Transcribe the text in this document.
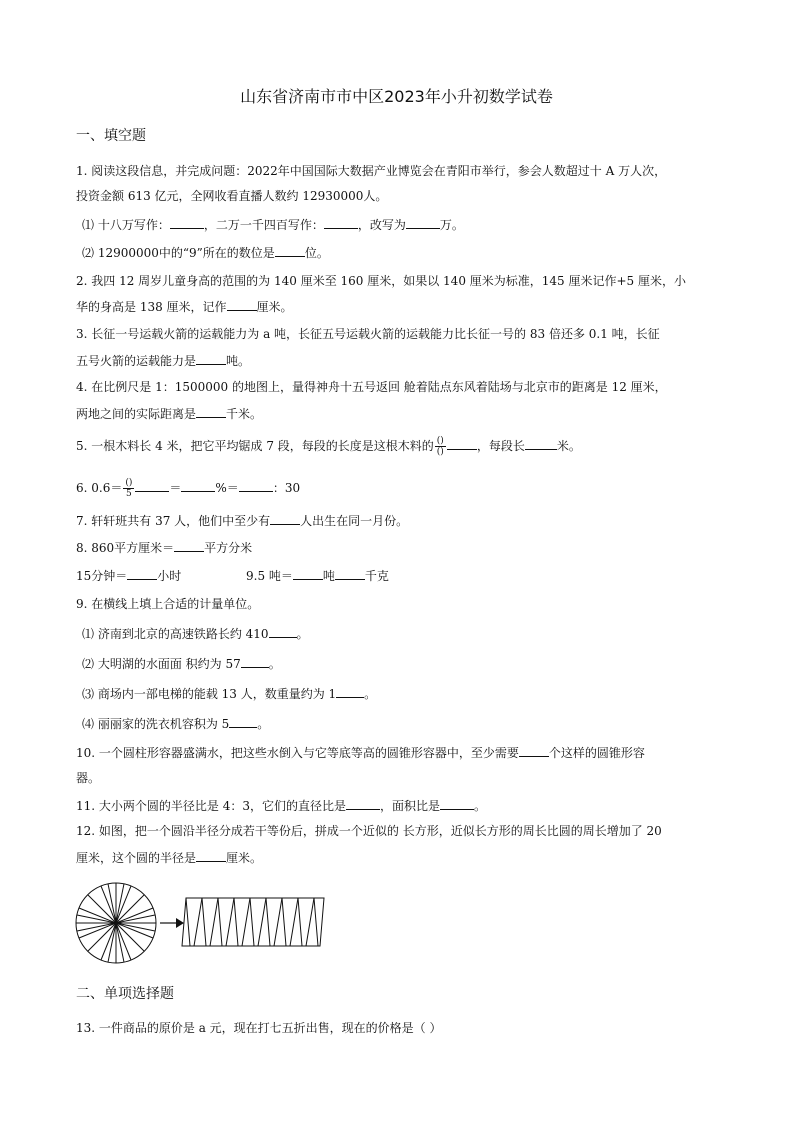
山东省济南市市中区2023年小升初数学试卷
一、填空题
1. 阅读这段信息，并完成问题：2022年中国国际大数据产业博览会在青阳市举行，参会人数超过十 A 万人次，
投资金额 613 亿元，全网收看直播人数约 12930000人。
⑴ 十八万写作：	，二万一千四百写作：	，改写为	万。
⑵ 12900000中的“9”所在的数位是	位。
2. 我四 12 周岁儿童身高的范围的为 140 厘米至 160 厘米，如果以 140 厘米为标准，145 厘米记作+5 厘米，小
华的身高是 138 厘米，记作	厘米。
3. 长征一号运载火箭的运载能力为 a 吨，长征五号运载火箭的运载能力比长征一号的 83 倍还多 0.1 吨，长征
五号火箭的运载能力是	吨。
4. 在比例尺是 1：1500000 的地图上，量得神舟十五号返回 舱着陆点东风着陆场与北京市的距离是 12 厘米，
两地之间的实际距离是	千米。
5. 一根木料长 4 米，把它平均锯成 7 段，每段的长度是这根木料的 $\frac{()}{()}$	，每段长	米。
6. $0.6= \frac{()}{5}$	＝	%＝	：30
7. 轩轩班共有 37 人，他们中至少有	人出生在同一月份。
8. 860平方厘米＝	平方分米
15分钟＝	小时	9.5 吨＝	吨	千克
9. 在横线上填上合适的计量单位。
⑴ 济南到北京的高速铁路长约 410 。
⑵ 大明湖的水面面 积约为 57 。
⑶ 商场内一部电梯的能载 13 人，数重量约为 1 。
⑷ 丽丽家的洗衣机容积为 5 。
10. 一个圆柱形容器盛满水，把这些水倒入与它等底等高的圆锥形容器中，至少需要	个这样的圆锥形容
器。
11. 大小两个圆的半径比是 4：3，它们的直径比是	，面积比是	。
12. 如图，把一个圆沿半径分成若干等份后，拼成一个近似的 长方形，近似长方形的周长比圆的周长增加了 20
厘米，这个圆的半径是	厘米。
二、单项选择题
13. 一件商品的原价是 a 元，现在打七五折出售，现在的价格是（ ）
